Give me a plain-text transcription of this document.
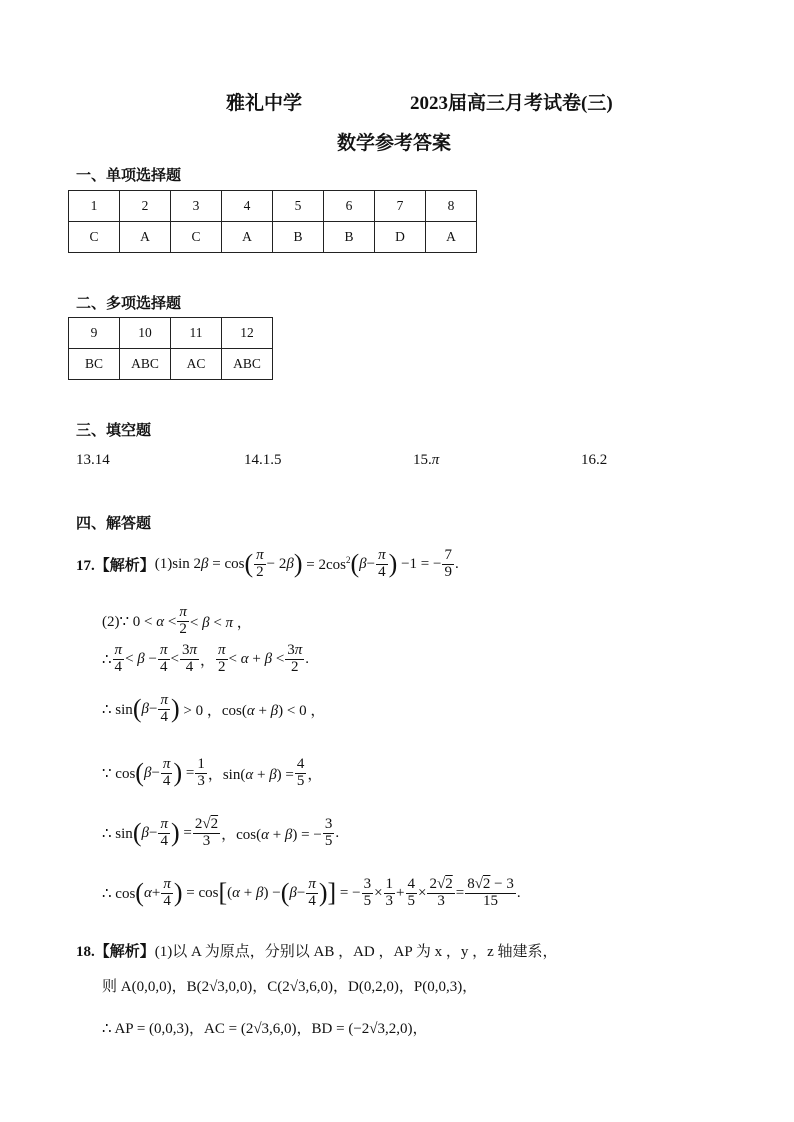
雅礼中学	2023届高三月考试卷(三)
数学参考答案
一、单项选择题
1	2	3	4	5	6	7	8
C	A	C	A	B	B	D	A
二、多项选择题
9	10	11	12
BC	ABC	AC	ABC
三、填空题
13.14	14.1.5	15.π	16.2
四、解答题
17.【解析】 (1)sin 2β = cos ( $\frac{\pi}{2} - 2\beta$ ) = $2\cos^2$ ( $\beta - \frac{\pi}{4}$ ) −1 = − $\frac{7}{9}$ .
(2)∵ $0 < \alpha < \frac{\pi}{2} < \beta < \pi$ ，
∴ $\frac{\pi}{4} < \beta - \frac{\pi}{4} < \frac{3\pi}{4}$ ， $\frac{\pi}{2} < \alpha + \beta < \frac{3\pi}{2}$ .
∴ sin ( $\beta - \frac{\pi}{4}$ ) > 0 ，cos(α + β) < 0 ，
∵ cos ( $\beta - \frac{\pi}{4}$ ) = $\frac{1}{3}$ ，$\sin(\alpha + \beta) = \frac{4}{5}$ ，
∴ sin ( $\beta - \frac{\pi}{4}$ ) = $\frac{2√2}{3}$ ，cos(α + β) = − $\frac{3}{5}$ .
∴ cos ( $\alpha + \frac{\pi}{4}$ ) = cos [ (α + β) − ( $\beta - \frac{\pi}{4}$ )] = − $\frac{3}{5} \times \frac{1}{3} + \frac{4}{5} \times \frac{2√2}{3} = \frac{8√2 - 3}{15}$ .
18.【解析】(1)以 A 为原点，分别以 AB ，AD ，AP 为 x ，y ，z 轴建系，
则 A(0,0,0)，B(2√3,0,0)，C(2√3,6,0)，D(0,2,0)，P(0,0,3)，
∴ AP = (0,0,3)，AC = (2√3,6,0)，BD = (−2√3,2,0)，
